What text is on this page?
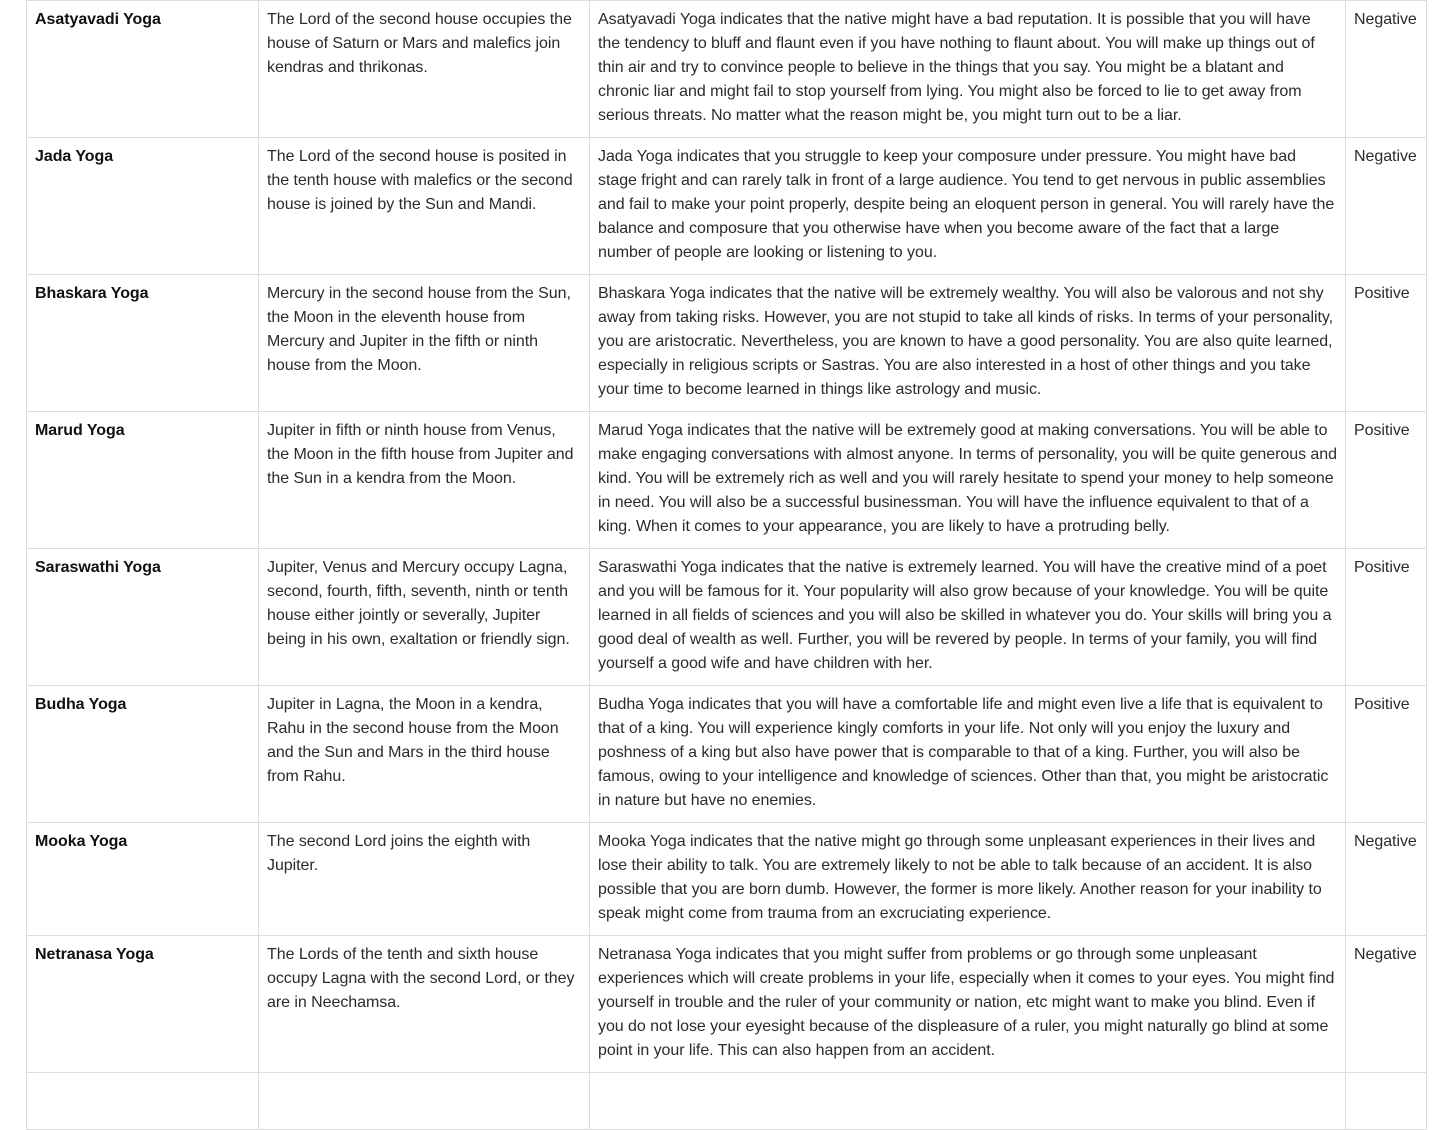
Asatyavadi Yoga	The Lord of the second house occupies the house of Saturn or Mars and malefics join kendras and thrikonas.	Asatyavadi Yoga indicates that the native might have a bad reputation. It is possible that you will have the tendency to bluff and flaunt even if you have nothing to flaunt about. You will make up things out of thin air and try to convince people to believe in the things that you say. You might be a blatant and chronic liar and might fail to stop yourself from lying. You might also be forced to lie to get away from serious threats. No matter what the reason might be, you might turn out to be a liar.	Negative
Jada Yoga	The Lord of the second house is posited in the tenth house with malefics or the second house is joined by the Sun and Mandi.	Jada Yoga indicates that you struggle to keep your composure under pressure. You might have bad stage fright and can rarely talk in front of a large audience. You tend to get nervous in public assemblies and fail to make your point properly, despite being an eloquent person in general. You will rarely have the balance and composure that you otherwise have when you become aware of the fact that a large number of people are looking or listening to you.	Negative
Bhaskara Yoga	Mercury in the second house from the Sun, the Moon in the eleventh house from Mercury and Jupiter in the fifth or ninth house from the Moon.	Bhaskara Yoga indicates that the native will be extremely wealthy. You will also be valorous and not shy away from taking risks. However, you are not stupid to take all kinds of risks. In terms of your personality, you are aristocratic. Nevertheless, you are known to have a good personality. You are also quite learned, especially in religious scripts or Sastras. You are also interested in a host of other things and you take your time to become learned in things like astrology and music.	Positive
Marud Yoga	Jupiter in fifth or ninth house from Venus, the Moon in the fifth house from Jupiter and the Sun in a kendra from the Moon.	Marud Yoga indicates that the native will be extremely good at making conversations. You will be able to make engaging conversations with almost anyone. In terms of personality, you will be quite generous and kind. You will be extremely rich as well and you will rarely hesitate to spend your money to help someone in need. You will also be a successful businessman. You will have the influence equivalent to that of a king. When it comes to your appearance, you are likely to have a protruding belly.	Positive
Saraswathi Yoga	Jupiter, Venus and Mercury occupy Lagna, second, fourth, fifth, seventh, ninth or tenth house either jointly or severally, Jupiter being in his own, exaltation or friendly sign.	Saraswathi Yoga indicates that the native is extremely learned. You will have the creative mind of a poet and you will be famous for it. Your popularity will also grow because of your knowledge. You will be quite learned in all fields of sciences and you will also be skilled in whatever you do. Your skills will bring you a good deal of wealth as well. Further, you will be revered by people. In terms of your family, you will find yourself a good wife and have children with her.	Positive
Budha Yoga	Jupiter in Lagna, the Moon in a kendra, Rahu in the second house from the Moon and the Sun and Mars in the third house from Rahu.	Budha Yoga indicates that you will have a comfortable life and might even live a life that is equivalent to that of a king. You will experience kingly comforts in your life. Not only will you enjoy the luxury and poshness of a king but also have power that is comparable to that of a king. Further, you will also be famous, owing to your intelligence and knowledge of sciences. Other than that, you might be aristocratic in nature but have no enemies.	Positive
Mooka Yoga	The second Lord joins the eighth with Jupiter.	Mooka Yoga indicates that the native might go through some unpleasant experiences in their lives and lose their ability to talk. You are extremely likely to not be able to talk because of an accident. It is also possible that you are born dumb. However, the former is more likely. Another reason for your inability to speak might come from trauma from an excruciating experience.	Negative
Netranasa Yoga	The Lords of the tenth and sixth house occupy Lagna with the second Lord, or they are in Neechamsa.	Netranasa Yoga indicates that you might suffer from problems or go through some unpleasant experiences which will create problems in your life, especially when it comes to your eyes. You might find yourself in trouble and the ruler of your community or nation, etc might want to make you blind. Even if you do not lose your eyesight because of the displeasure of a ruler, you might naturally go blind at some point in your life. This can also happen from an accident.	Negative
